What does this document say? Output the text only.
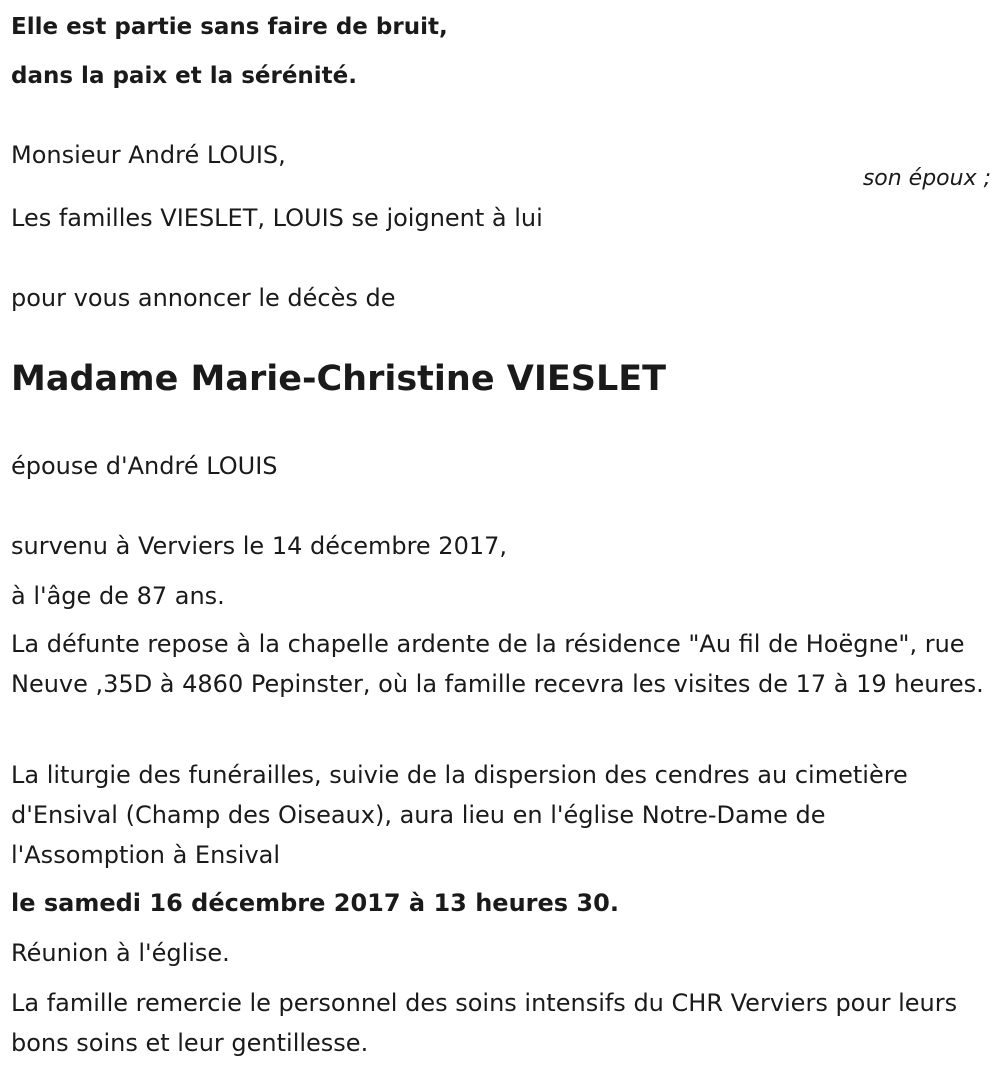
Elle est partie sans faire de bruit,
dans la paix et la sérénité.
Monsieur André LOUIS,
son époux ;
Les familles VIESLET, LOUIS se joignent à lui
pour vous annoncer le décès de
Madame Marie-Christine VIESLET
épouse d'André LOUIS
survenu à Verviers le 14 décembre 2017,
à l'âge de 87 ans.
La défunte repose à la chapelle ardente de la résidence "Au fil de Hoëgne", rue Neuve ,35D à 4860 Pepinster, où la famille recevra les visites de 17 à 19 heures.
La liturgie des funérailles, suivie de la dispersion des cendres au cimetière d'Ensival (Champ des Oiseaux), aura lieu en l'église Notre-Dame de l'Assomption à Ensival
le samedi 16 décembre 2017 à 13 heures 30.
Réunion à l'église.
La famille remercie le personnel des soins intensifs du CHR Verviers pour leurs bons soins et leur gentillesse.
